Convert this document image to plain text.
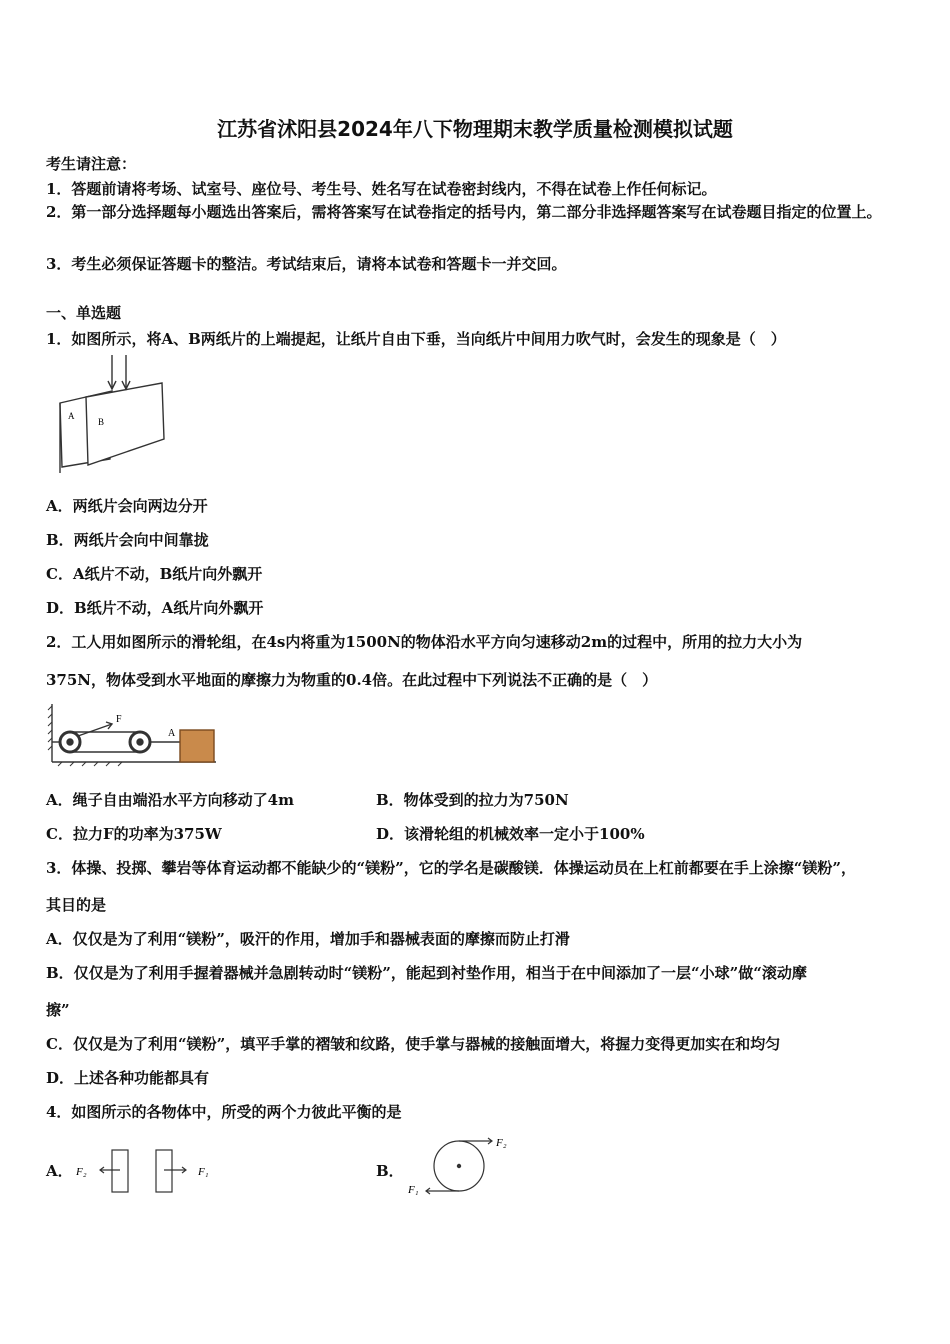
江苏省沭阳县2024年八下物理期末教学质量检测模拟试题
考生请注意：
1．答题前请将考场、试室号、座位号、考生号、姓名写在试卷密封线内，不得在试卷上作任何标记。
2．第一部分选择题每小题选出答案后，需将答案写在试卷指定的括号内，第二部分非选择题答案写在试卷题目指定的位置上。
3．考生必须保证答题卡的整洁。考试结束后，请将本试卷和答题卡一并交回。
一、单选题
1．如图所示，将A、B两纸片的上端提起，让纸片自由下垂，当向纸片中间用力吹气时，会发生的现象是（　）
A
B
A．两纸片会向两边分开
B．两纸片会向中间靠拢
C．A纸片不动，B纸片向外飘开
D．B纸片不动，A纸片向外飘开
2．工人用如图所示的滑轮组，在4s内将重为1500N的物体沿水平方向匀速移动2m的过程中，所用的拉力大小为
375N，物体受到水平地面的摩擦力为物重的0.4倍。在此过程中下列说法不正确的是（　）
F
A
A．绳子自由端沿水平方向移动了4m	B．物体受到的拉力为750N
C．拉力F的功率为375W	D．该滑轮组的机械效率一定小于100%
3．体操、投掷、攀岩等体育运动都不能缺少的“镁粉”，它的学名是碳酸镁．体操运动员在上杠前都要在手上涂擦“镁粉”，
其目的是
A．仅仅是为了利用“镁粉”，吸汗的作用，增加手和器械表面的摩擦而防止打滑
B．仅仅是为了利用手握着器械并急剧转动时“镁粉”，能起到衬垫作用，相当于在中间添加了一层“小球”做“滚动摩
擦”
C．仅仅是为了利用“镁粉”，填平手掌的褶皱和纹路，使手掌与器械的接触面增大，将握力变得更加实在和均匀
D．上述各种功能都具有
4．如图所示的各物体中，所受的两个力彼此平衡的是
A． F₂	F₁	B．
F₂
F₁
